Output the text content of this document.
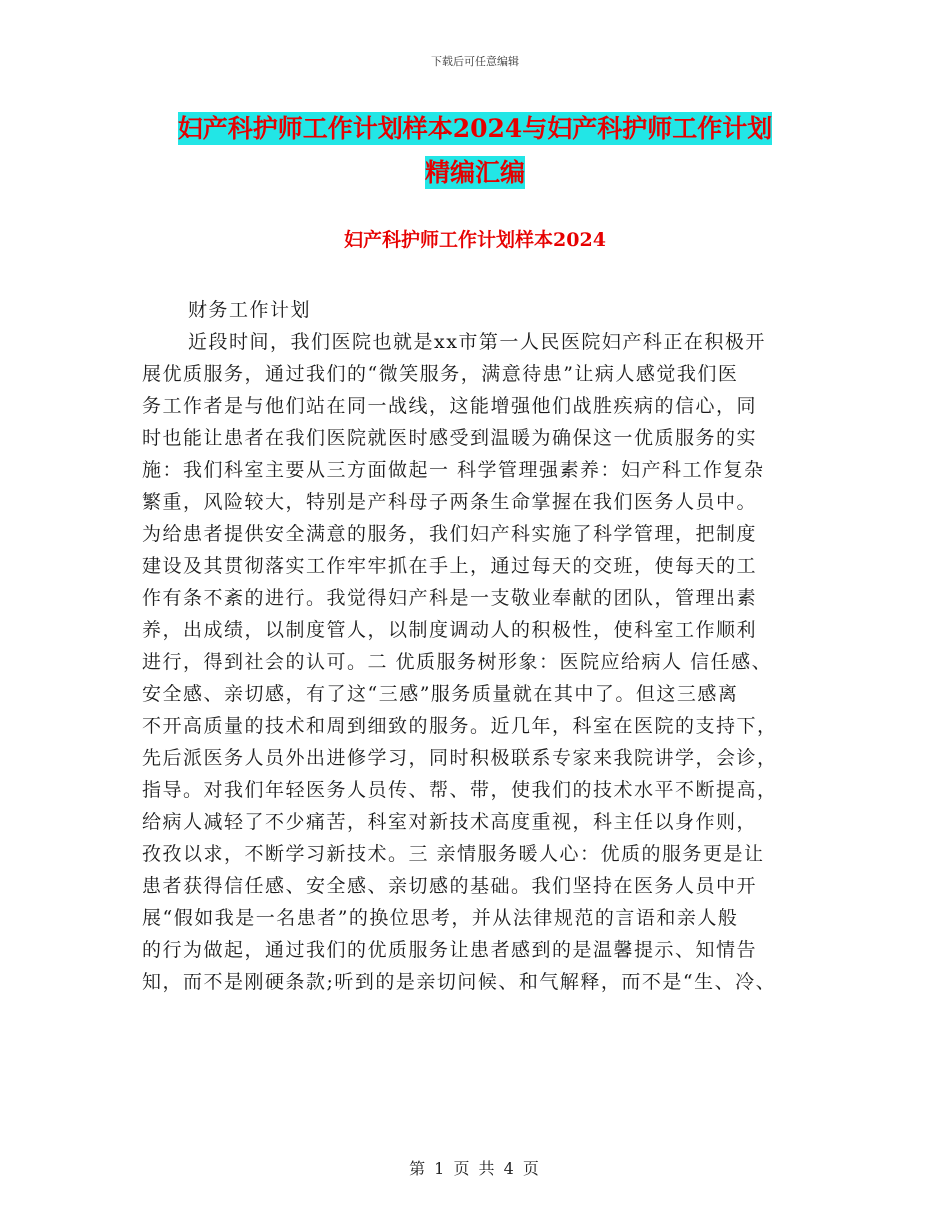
下载后可任意编辑
妇产科护师工作计划样本2024与妇产科护师工作计划
精编汇编
妇产科护师工作计划样本2024
财务工作计划
近段时间，我们医院也就是xx市第一人民医院妇产科正在积极开
展优质服务，通过我们的“微笑服务，满意待患”让病人感觉我们医
务工作者是与他们站在同一战线，这能增强他们战胜疾病的信心，同
时也能让患者在我们医院就医时感受到温暖为确保这一优质服务的实
施：我们科室主要从三方面做起一 科学管理强素养：妇产科工作复杂
繁重，风险较大，特别是产科母子两条生命掌握在我们医务人员中。
为给患者提供安全满意的服务，我们妇产科实施了科学管理，把制度
建设及其贯彻落实工作牢牢抓在手上，通过每天的交班，使每天的工
作有条不紊的进行。我觉得妇产科是一支敬业奉献的团队，管理出素
养，出成绩，以制度管人，以制度调动人的积极性，使科室工作顺利
进行，得到社会的认可。二 优质服务树形象：医院应给病人 信任感、
安全感、亲切感，有了这“三感”服务质量就在其中了。但这三感离
不开高质量的技术和周到细致的服务。近几年，科室在医院的支持下，
先后派医务人员外出进修学习，同时积极联系专家来我院讲学，会诊，
指导。对我们年轻医务人员传、帮、带，使我们的技术水平不断提高，
给病人减轻了不少痛苦，科室对新技术高度重视，科主任以身作则，
孜孜以求，不断学习新技术。三 亲情服务暖人心：优质的服务更是让
患者获得信任感、安全感、亲切感的基础。我们坚持在医务人员中开
展“假如我是一名患者”的换位思考，并从法律规范的言语和亲人般
的行为做起，通过我们的优质服务让患者感到的是温馨提示、知情告
知，而不是刚硬条款;听到的是亲切问候、和气解释，而不是“生、冷、
第 1 页 共 4 页
